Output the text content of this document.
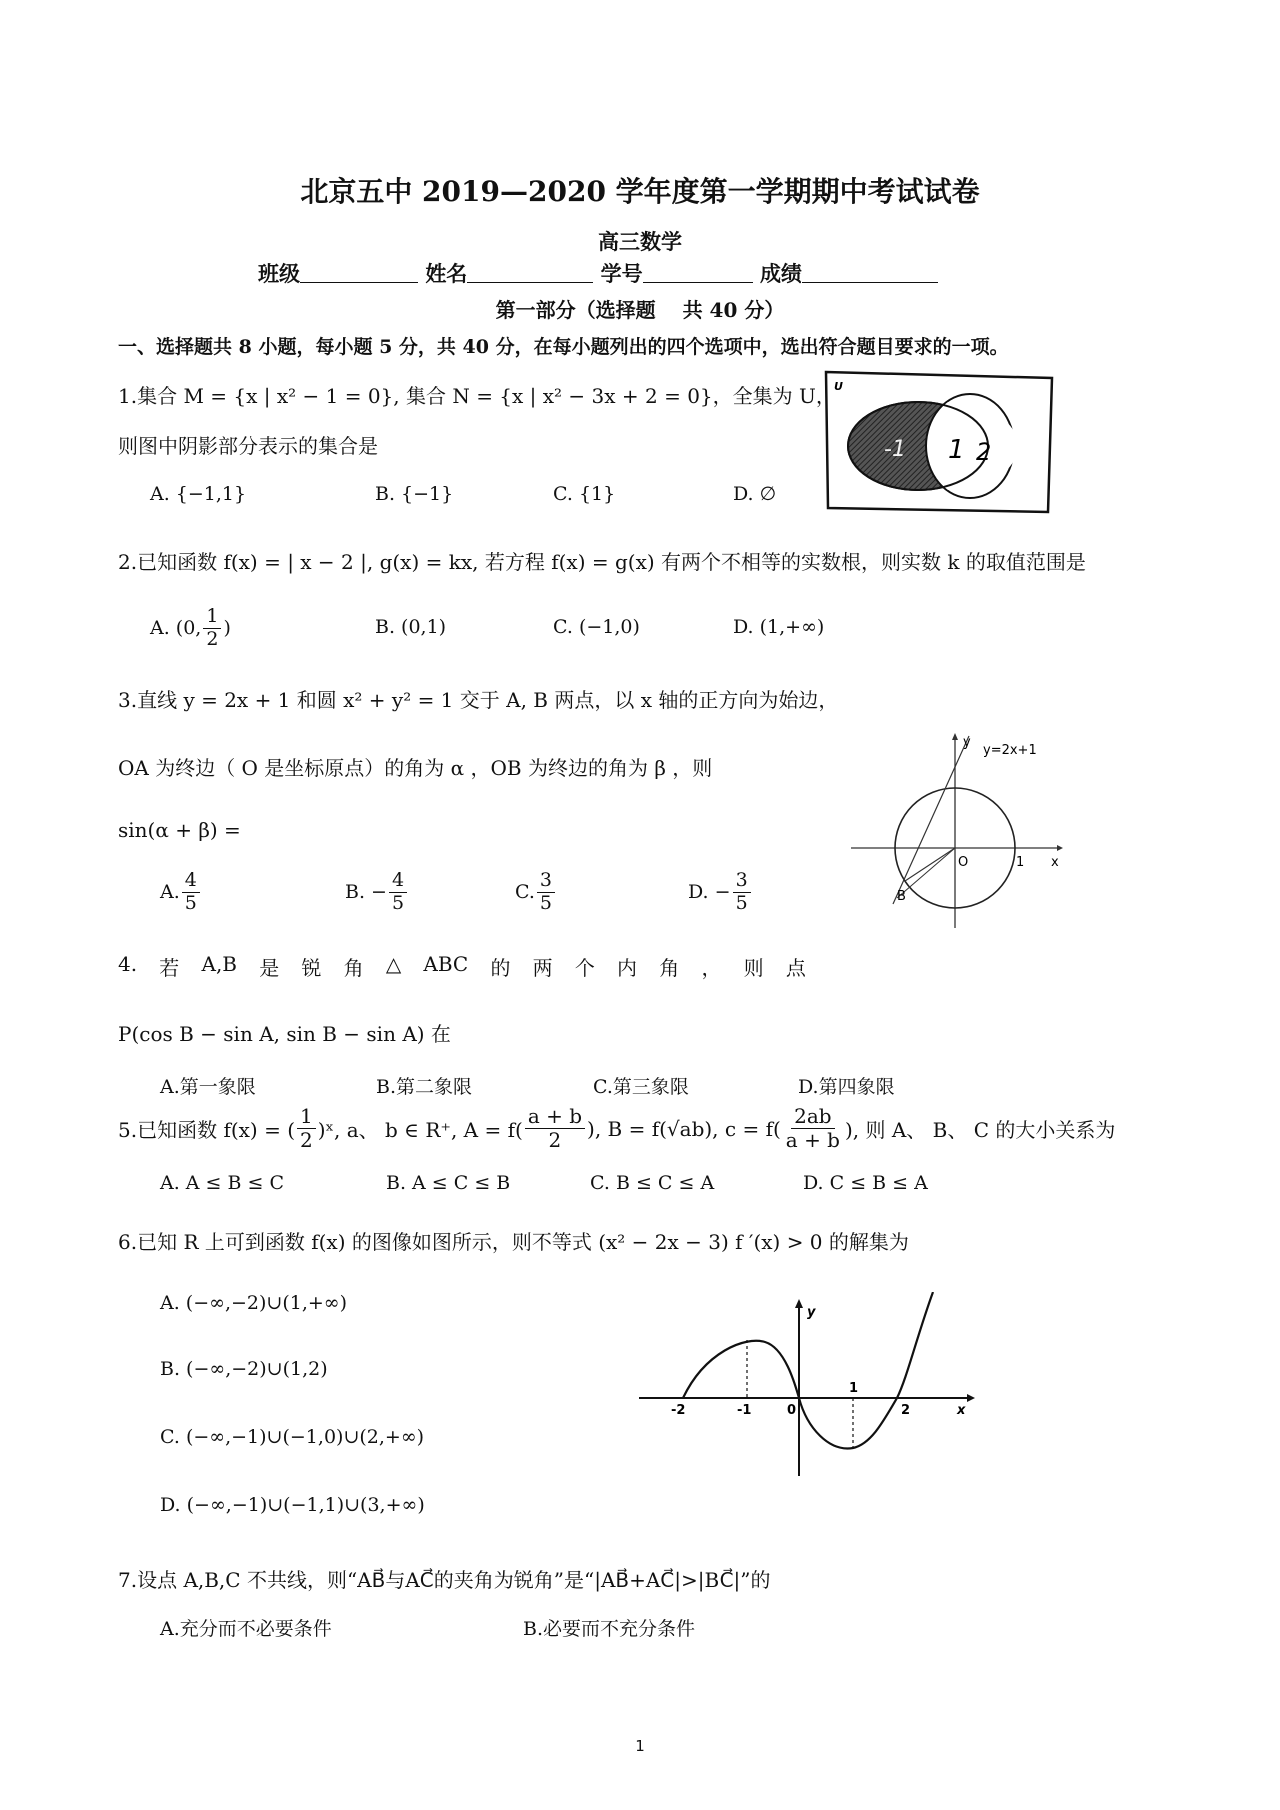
北京五中 2019—2020 学年度第一学期期中考试试卷
高三数学
班级	姓名	学号	成绩
第一部分（选择题　 共 40 分）
一、选择题共 8 小题，每小题 5 分，共 40 分，在每小题列出的四个选项中，选出符合题目要求的一项。
1.集合 M = {x | x² − 1 = 0}, 集合 N = {x | x² − 3x + 2 = 0}，全集为 U，
则图中阴影部分表示的集合是
A. {−1,1}	B. {−1}	C. {1}	D. ∅
U
-1 1 2
2.已知函数 f(x) = | x − 2 |, g(x) = kx, 若方程 f(x) = g(x) 有两个不相等的实数根，则实数 k 的取值范围是
A. (0, $\frac{1}{2}$ )	B. (0,1)	C. (−1,0)	D. (1,+∞)
3.直线 y = 2x + 1 和圆 x² + y² = 1 交于 A, B 两点，以 x 轴的正方向为始边，
OA 为终边（ O 是坐标原点）的角为 α ，OB 为终边的角为 β ，则
sin(α + β) =
A. $\frac{4}{5}$	B. − $\frac{4}{5}$	C. $\frac{3}{5}$	D. − $\frac{3}{5}$
y
y=2x+1
O	1 x
B
4. 若 A,B 是 锐 角 △ ABC 的 两 个 内 角 ， 则 点
P(cos B − sin A, sin B − sin A) 在
A.第一象限	B.第二象限	C.第三象限	D.第四象限
5.已知函数 f(x) = ( $\frac{1}{2}$ )ˣ, a、 b ∈ R⁺, $A = f( \frac{a + b}{2}$ ), B = f(√ab), $c = f( \frac{2ab}{a + b}$ ), 则 A、 B、 C 的大小关系为
A. A ≤ B ≤ C	B. A ≤ C ≤ B	C. B ≤ C ≤ A	D. C ≤ B ≤ A
6.已知 R 上可到函数 f(x) 的图像如图所示，则不等式 (x² − 2x − 3) f ′(x) > 0 的解集为
A. (−∞,−2)∪(1,+∞)
B. (−∞,−2)∪(1,2)
C. (−∞,−1)∪(−1,0)∪(2,+∞)
D. (−∞,−1)∪(−1,1)∪(3,+∞)
y
x
-2	-1	0
1
2
7.设点 A,B,C 不共线，则“AB⃗与AC⃗的夹角为锐角”是“|AB⃗+AC⃗|>|BC⃗|”的
A.充分而不必要条件	B.必要而不充分条件
1
